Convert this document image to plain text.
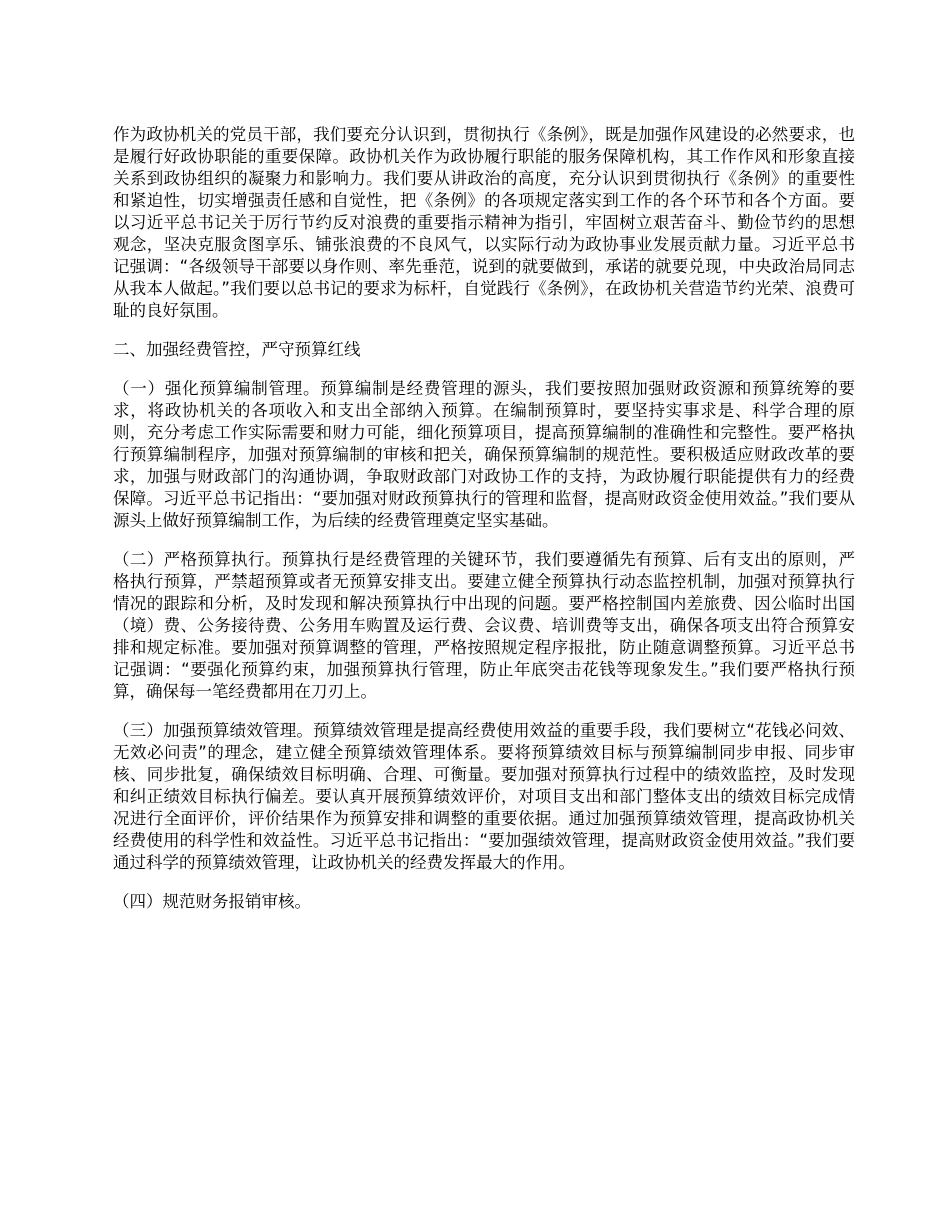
作为政协机关的党员干部，我们要充分认识到，贯彻执行《条例》，既是加强作风建设的必然要求，也是履行好政协职能的重要保障。政协机关作为政协履行职能的服务保障机构，其工作作风和形象直接关系到政协组织的凝聚力和影响力。我们要从讲政治的高度，充分认识到贯彻执行《条例》的重要性和紧迫性，切实增强责任感和自觉性，把《条例》的各项规定落实到工作的各个环节和各个方面。要以习近平总书记关于厉行节约反对浪费的重要指示精神为指引，牢固树立艰苦奋斗、勤俭节约的思想观念，坚决克服贪图享乐、铺张浪费的不良风气，以实际行动为政协事业发展贡献力量。习近平总书记强调：“各级领导干部要以身作则、率先垂范，说到的就要做到，承诺的就要兑现，中央政治局同志从我本人做起。”我们要以总书记的要求为标杆，自觉践行《条例》，在政协机关营造节约光荣、浪费可耻的良好氛围。

二、加强经费管控，严守预算红线

（一）强化预算编制管理。预算编制是经费管理的源头，我们要按照加强财政资源和预算统筹的要求，将政协机关的各项收入和支出全部纳入预算。在编制预算时，要坚持实事求是、科学合理的原则，充分考虑工作实际需要和财力可能，细化预算项目，提高预算编制的准确性和完整性。要严格执行预算编制程序，加强对预算编制的审核和把关，确保预算编制的规范性。要积极适应财政改革的要求，加强与财政部门的沟通协调，争取财政部门对政协工作的支持，为政协履行职能提供有力的经费保障。习近平总书记指出：“要加强对财政预算执行的管理和监督，提高财政资金使用效益。”我们要从源头上做好预算编制工作，为后续的经费管理奠定坚实基础。

（二）严格预算执行。预算执行是经费管理的关键环节，我们要遵循先有预算、后有支出的原则，严格执行预算，严禁超预算或者无预算安排支出。要建立健全预算执行动态监控机制，加强对预算执行情况的跟踪和分析，及时发现和解决预算执行中出现的问题。要严格控制国内差旅费、因公临时出国（境）费、公务接待费、公务用车购置及运行费、会议费、培训费等支出，确保各项支出符合预算安排和规定标准。要加强对预算调整的管理，严格按照规定程序报批，防止随意调整预算。习近平总书记强调：“要强化预算约束，加强预算执行管理，防止年底突击花钱等现象发生。”我们要严格执行预算，确保每一笔经费都用在刀刃上。

（三）加强预算绩效管理。预算绩效管理是提高经费使用效益的重要手段，我们要树立“花钱必问效、无效必问责”的理念，建立健全预算绩效管理体系。要将预算绩效目标与预算编制同步申报、同步审核、同步批复，确保绩效目标明确、合理、可衡量。要加强对预算执行过程中的绩效监控，及时发现和纠正绩效目标执行偏差。要认真开展预算绩效评价，对项目支出和部门整体支出的绩效目标完成情况进行全面评价，评价结果作为预算安排和调整的重要依据。通过加强预算绩效管理，提高政协机关经费使用的科学性和效益性。习近平总书记指出：“要加强绩效管理，提高财政资金使用效益。”我们要通过科学的预算绩效管理，让政协机关的经费发挥最大的作用。

（四）规范财务报销审核。
